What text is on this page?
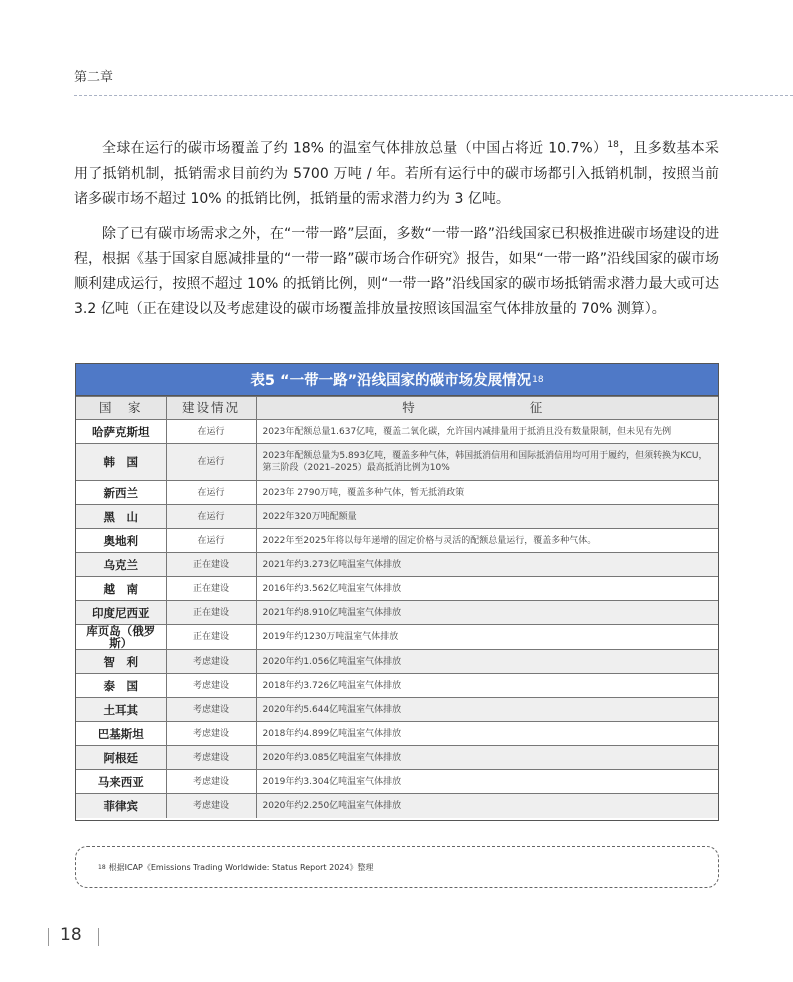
第二章

全球在运行的碳市场覆盖了约 18% 的温室气体排放总量（中国占将近 10.7%）$^{18}$，且多数基本采用了抵销机制，抵销需求目前约为 5700 万吨 / 年。若所有运行中的碳市场都引入抵销机制，按照当前诸多碳市场不超过 10% 的抵销比例，抵销量的需求潜力约为 3 亿吨。

除了已有碳市场需求之外，在“一带一路”层面，多数“一带一路”沿线国家已积极推进碳市场建设的进程，根据《基于国家自愿减排量的“一带一路”碳市场合作研究》报告，如果“一带一路”沿线国家的碳市场顺利建成运行，按照不超过 10% 的抵销比例，则“一带一路”沿线国家的碳市场抵销需求潜力最大或可达 3.2 亿吨（正在建设以及考虑建设的碳市场覆盖排放量按照该国温室气体排放量的 70% 测算）。

表5 “一带一路”沿线国家的碳市场发展情况 18
国　家	建设情况	特　　征
哈萨克斯坦	在运行	2023年配额总量1.637亿吨，覆盖二氧化碳，允许国内减排量用于抵消且没有数量限制，但未见有先例
韩　国	在运行	2023年配额总量为5.893亿吨，覆盖多种气体，韩国抵消信用和国际抵消信用均可用于履约，但须转换为KCU，第三阶段（2021–2025）最高抵消比例为10%
新西兰	在运行	2023年 2790万吨，覆盖多种气体，暂无抵消政策
黑　山	在运行	2022年320万吨配额量
奥地利	在运行	2022年至2025年将以每年递增的固定价格与灵活的配额总量运行，覆盖多种气体。
乌克兰	正在建设	2021年约3.273亿吨温室气体排放
越　南	正在建设	2016年约3.562亿吨温室气体排放
印度尼西亚	正在建设	2021年约8.910亿吨温室气体排放
库页岛（俄罗斯）	正在建设	2019年约1230万吨温室气体排放
智　利	考虑建设	2020年约1.056亿吨温室气体排放
泰　国	考虑建设	2018年约3.726亿吨温室气体排放
土耳其	考虑建设	2020年约5.644亿吨温室气体排放
巴基斯坦	考虑建设	2018年约4.899亿吨温室气体排放
阿根廷	考虑建设	2020年约3.085亿吨温室气体排放
马来西亚	考虑建设	2019年约3.304亿吨温室气体排放
菲律宾	考虑建设	2020年约2.250亿吨温室气体排放
18 根据ICAP《Emissions Trading Worldwide: Status Report 2024》整理
18
